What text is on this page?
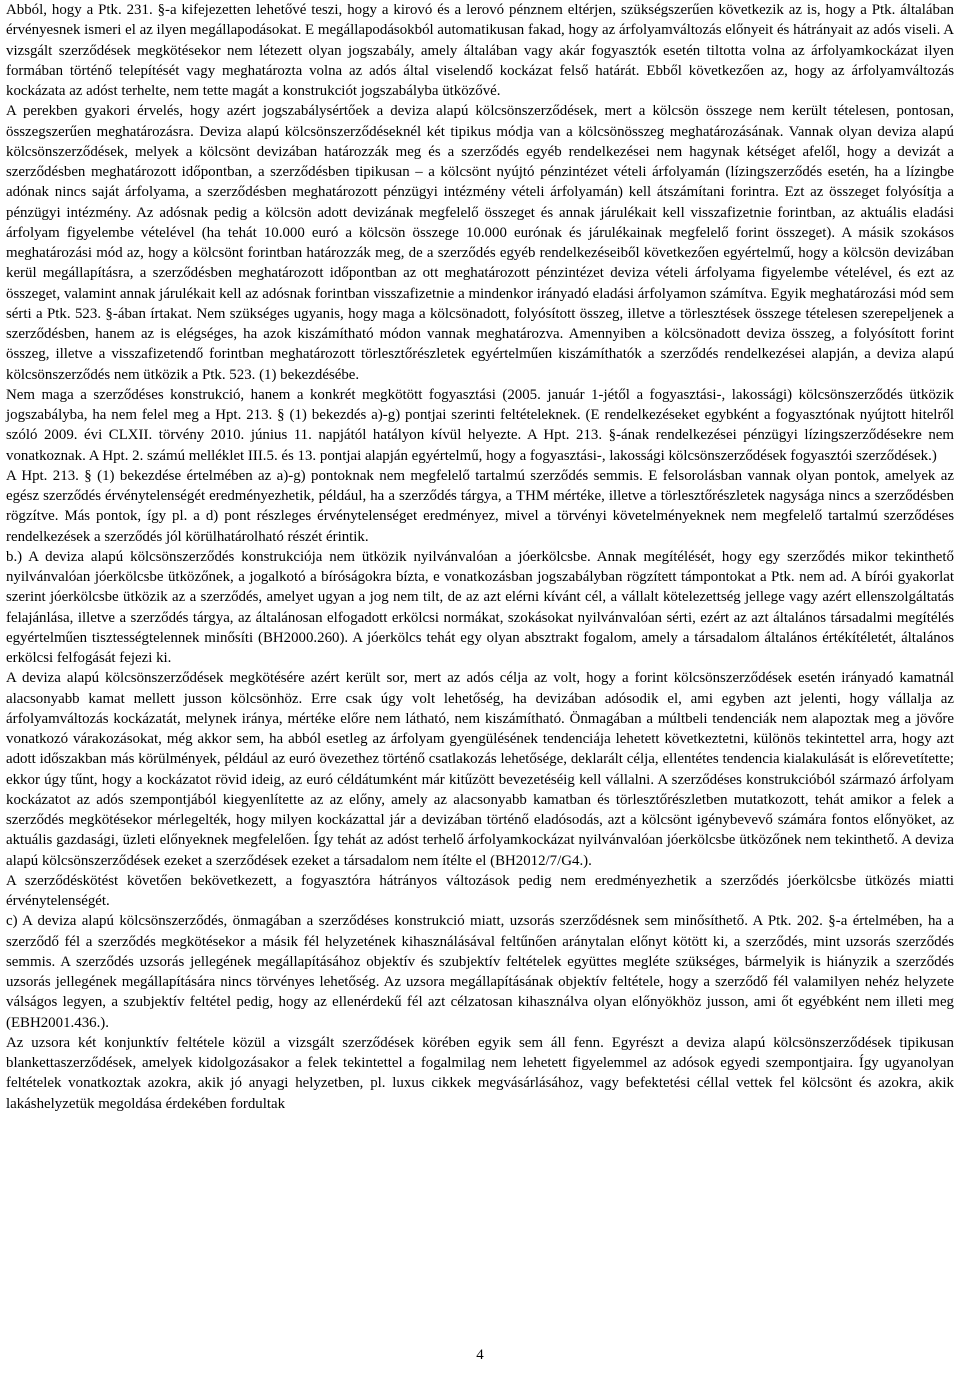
Abból, hogy a Ptk. 231. §-a kifejezetten lehetővé teszi, hogy a kirovó és a lerovó pénznem eltérjen, szükségszerűen következik az is, hogy a Ptk. általában érvényesnek ismeri el az ilyen megállapodásokat. E megállapodásokból automatikusan fakad, hogy az árfolyamváltozás előnyeit és hátrányait az adós viseli. A vizsgált szerződések megkötésekor nem létezett olyan jogszabály, amely általában vagy akár fogyasztók esetén tiltotta volna az árfolyamkockázat ilyen formában történő telepítését vagy meghatározta volna az adós által viselendő kockázat felső határát. Ebből következően az, hogy az árfolyamváltozás kockázata az adóst terhelte, nem tette magát a konstrukciót jogszabályba ütközővé.

A perekben gyakori érvelés, hogy azért jogszabálysértőek a deviza alapú kölcsönszerződések, mert a kölcsön összege nem került tételesen, pontosan, összegszerűen meghatározásra. Deviza alapú kölcsönszerződéseknél két tipikus módja van a kölcsönösszeg meghatározásának. Vannak olyan deviza alapú kölcsönszerződések, melyek a kölcsönt devizában határozzák meg és a szerződés egyéb rendelkezései nem hagynak kétséget afelől, hogy a devizát a szerződésben meghatározott időpontban, a szerződésben tipikusan – a kölcsönt nyújtó pénzintézet vételi árfolyamán (lízingszerződés esetén, ha a lízingbe adónak nincs saját árfolyama, a szerződésben meghatározott pénzügyi intézmény vételi árfolyamán) kell átszámítani forintra. Ezt az összeget folyósítja a pénzügyi intézmény. Az adósnak pedig a kölcsön adott devizának megfelelő összeget és annak járulékait kell visszafizetnie forintban, az aktuális eladási árfolyam figyelembe vételével (ha tehát 10.000 euró a kölcsön összege 10.000 eurónak és járulékainak megfelelő forint összeget). A másik szokásos meghatározási mód az, hogy a kölcsönt forintban határozzák meg, de a szerződés egyéb rendelkezéseiből következően egyértelmű, hogy a kölcsön devizában kerül megállapításra, a szerződésben meghatározott időpontban az ott meghatározott pénzintézet deviza vételi árfolyama figyelembe vételével, és ezt az összeget, valamint annak járulékait kell az adósnak forintban visszafizetnie a mindenkor irányadó eladási árfolyamon számítva. Egyik meghatározási mód sem sérti a Ptk. 523. §-ában írtakat. Nem szükséges ugyanis, hogy maga a kölcsönadott, folyósított összeg, illetve a törlesztések összege tételesen szerepeljenek a szerződésben, hanem az is elégséges, ha azok kiszámítható módon vannak meghatározva. Amennyiben a kölcsönadott deviza összeg, a folyósított forint összeg, illetve a visszafizetendő forintban meghatározott törlesztőrészletek egyértelműen kiszámíthatók a szerződés rendelkezései alapján, a deviza alapú kölcsönszerződés nem ütközik a Ptk. 523. (1) bekezdésébe.

Nem maga a szerződéses konstrukció, hanem a konkrét megkötött fogyasztási (2005. január 1-jétől a fogyasztási-, lakossági) kölcsönszerződés ütközik jogszabályba, ha nem felel meg a Hpt. 213. § (1) bekezdés a)-g) pontjai szerinti feltételeknek. (E rendelkezéseket egybként a fogyasztónak nyújtott hitelről szóló 2009. évi CLXII. törvény 2010. június 11. napjától hatályon kívül helyezte. A Hpt. 213. §-ának rendelkezései pénzügyi lízingszerződésekre nem vonatkoznak. A Hpt. 2. számú melléklet III.5. és 13. pontjai alapján egyértelmű, hogy a fogyasztási-, lakossági kölcsönszerződések fogyasztói szerződések.)

A Hpt. 213. § (1) bekezdése értelmében az a)-g) pontoknak nem megfelelő tartalmú szerződés semmis. E felsorolásban vannak olyan pontok, amelyek az egész szerződés érvénytelenségét eredményezhetik, például, ha a szerződés tárgya, a THM mértéke, illetve a törlesztőrészletek nagysága nincs a szerződésben rögzítve. Más pontok, így pl. a d) pont részleges érvénytelenséget eredményez, mivel a törvényi követelményeknek nem megfelelő tartalmú szerződéses rendelkezések a szerződés jól körülhatárolható részét érintik.

b.) A deviza alapú kölcsönszerződés konstrukciója nem ütközik nyilvánvalóan a jóerkölcsbe. Annak megítélését, hogy egy szerződés mikor tekinthető nyilvánvalóan jóerkölcsbe ütközőnek, a jogalkotó a bíróságokra bízta, e vonatkozásban jogszabályban rögzített támpontokat a Ptk. nem ad. A bírói gyakorlat szerint jóerkölcsbe ütközik az a szerződés, amelyet ugyan a jog nem tilt, de az azt elérni kívánt cél, a vállalt kötelezettség jellege vagy azért ellenszolgáltatás felajánlása, illetve a szerződés tárgya, az általánosan elfogadott erkölcsi normákat, szokásokat nyilvánvalóan sérti, ezért az azt általános társadalmi megítélés egyértelműen tisztességtelennek minősíti (BH2000.260). A jóerkölcs tehát egy olyan absztrakt fogalom, amely a társadalom általános értékítéletét, általános erkölcsi felfogását fejezi ki.

A deviza alapú kölcsönszerződések megkötésére azért került sor, mert az adós célja az volt, hogy a forint kölcsönszerződések esetén irányadó kamatnál alacsonyabb kamat mellett jusson kölcsönhöz. Erre csak úgy volt lehetőség, ha devizában adósodik el, ami egyben azt jelenti, hogy vállalja az árfolyamváltozás kockázatát, melynek iránya, mértéke előre nem látható, nem kiszámítható. Önmagában a múltbeli tendenciák nem alapoztak meg a jövőre vonatkozó várakozásokat, még akkor sem, ha abból esetleg az árfolyam gyengülésének tendenciája lehetett következtetni, különös tekintettel arra, hogy azt adott időszakban más körülmények, például az euró övezethez történő csatlakozás lehetősége, deklarált célja, ellentétes tendencia kialakulását is előrevetítette; ekkor úgy tűnt, hogy a kockázatot rövid ideig, az euró céldátumként már kitűzött bevezetéséig kell vállalni. A szerződéses konstrukcióból származó árfolyam kockázatot az adós szempontjából kiegyenlítette az az előny, amely az alacsonyabb kamatban és törlesztőrészletben mutatkozott, tehát amikor a felek a szerződés megkötésekor mérlegelték, hogy milyen kockázattal jár a devizában történő eladósodás, azt a kölcsönt igénybevevő számára fontos előnyöket, az aktuális gazdasági, üzleti előnyeknek megfelelően. Így tehát az adóst terhelő árfolyamkockázat nyilvánvalóan jóerkölcsbe ütközőnek nem tekinthető. A deviza alapú kölcsönszerződések ezeket a szerződések ezeket a társadalom nem ítélte el (BH2012/7/G4.).

A szerződéskötést követően bekövetkezett, a fogyasztóra hátrányos változások pedig nem eredményezhetik a szerződés jóerkölcsbe ütközés miatti érvénytelenségét.

c) A deviza alapú kölcsönszerződés, önmagában a szerződéses konstrukció miatt, uzsorás szerződésnek sem minősíthető. A Ptk. 202. §-a értelmében, ha a szerződő fél a szerződés megkötésekor a másik fél helyzetének kihasználásával feltűnően aránytalan előnyt kötött ki, a szerződés, mint uzsorás szerződés semmis. A szerződés uzsorás jellegének megállapításához objektív és szubjektív feltételek együttes megléte szükséges, bármelyik is hiányzik a szerződés uzsorás jellegének megállapítására nincs törvényes lehetőség. Az uzsora megállapításának objektív feltétele, hogy a szerződő fél valamilyen nehéz helyzete válságos legyen, a szubjektív feltétel pedig, hogy az ellenérdekű fél azt célzatosan kihasználva olyan előnyökhöz jusson, ami őt egyébként nem illeti meg (EBH2001.436.).

Az uzsora két konjunktív feltétele közül a vizsgált szerződések körében egyik sem áll fenn. Egyrészt a deviza alapú kölcsönszerződések tipikusan blankettaszerződések, amelyek kidolgozásakor a felek tekintettel a fogalmilag nem lehetett figyelemmel az adósok egyedi szempontjaira. Így ugyanolyan feltételek vonatkoztak azokra, akik jó anyagi helyzetben, pl. luxus cikkek megvásárlásához, vagy befektetési céllal vettek fel kölcsönt és azokra, akik lakáshelyzetük megoldása érdekében fordultak

4
